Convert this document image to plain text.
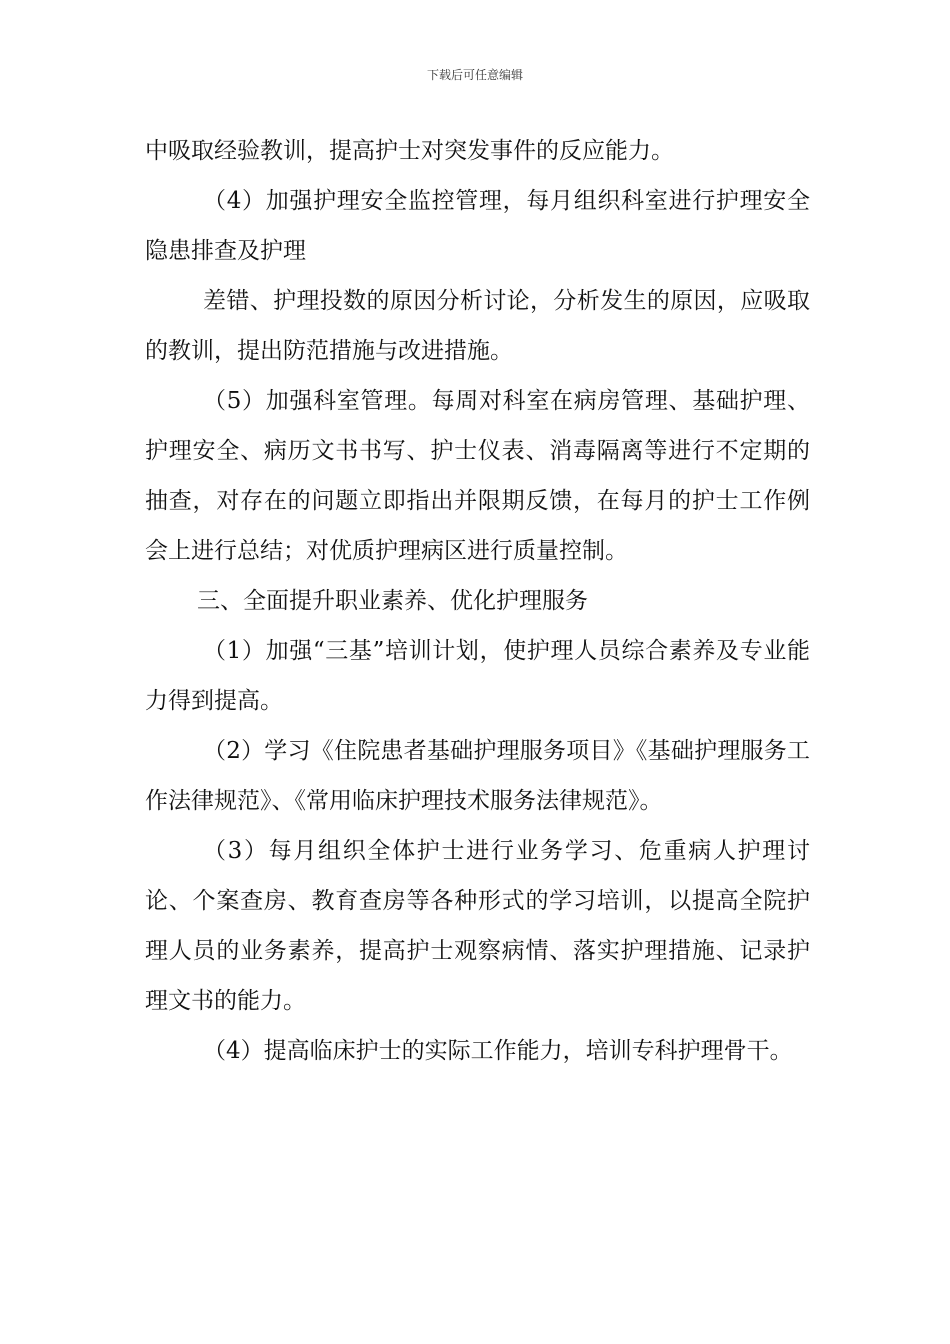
下载后可任意编辑

中吸取经验教训，提高护士对突发事件的反应能力。

（4）加强护理安全监控管理，每月组织科室进行护理安全隐患排查及护理

差错、护理投数的原因分析讨论，分析发生的原因，应吸取的教训，提出防范措施与改进措施。

（5）加强科室管理。每周对科室在病房管理、基础护理、护理安全、病历文书书写、护士仪表、消毒隔离等进行不定期的抽查，对存在的问题立即指出并限期反馈，在每月的护士工作例会上进行总结；对优质护理病区进行质量控制。

三、全面提升职业素养、优化护理服务

（1）加强“三基”培训计划，使护理人员综合素养及专业能力得到提高。

（2）学习《住院患者基础护理服务项目》《基础护理服务工作法律规范》、《常用临床护理技术服务法律规范》。

（3）每月组织全体护士进行业务学习、危重病人护理讨论、个案查房、教育查房等各种形式的学习培训，以提高全院护理人员的业务素养，提高护士观察病情、落实护理措施、记录护理文书的能力。

（4）提高临床护士的实际工作能力，培训专科护理骨干。
